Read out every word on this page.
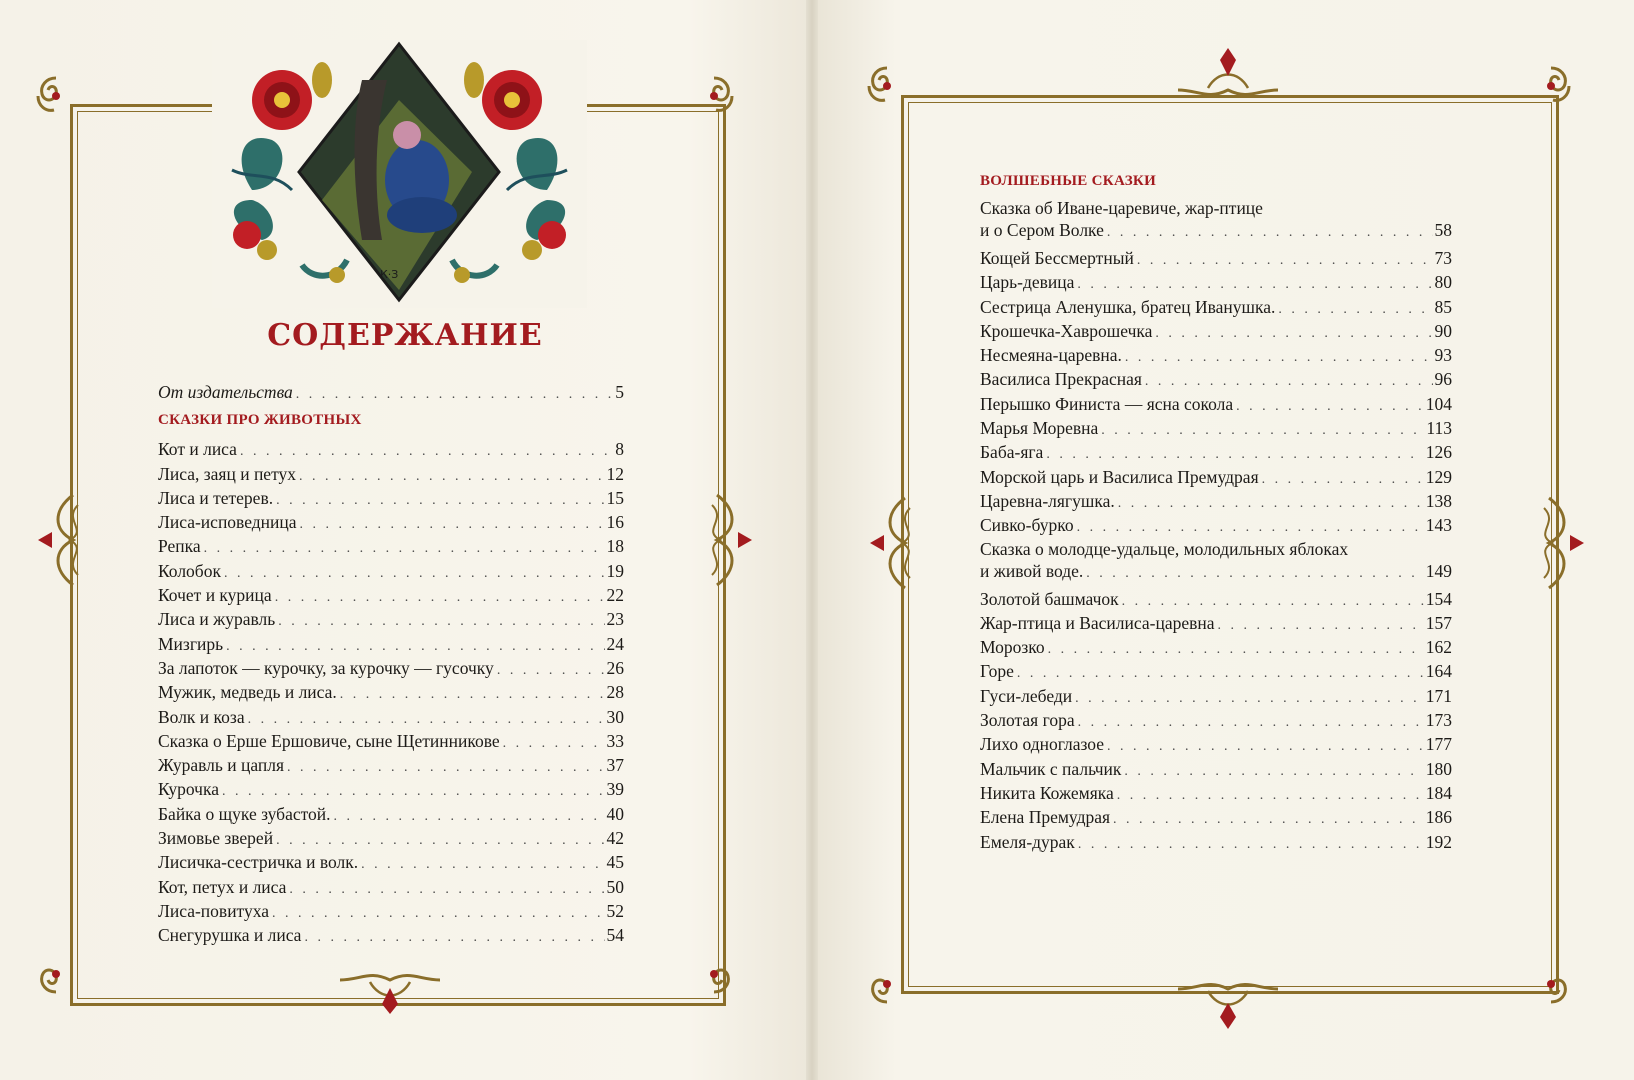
К·З
СОДЕРЖАНИЕ
От издательства . . .	5

СКАЗКИ ПРО ЖИВОТНЫХ

Кот и лиса . . .	8
Лиса, заяц и петух . . .	12
Лиса и тетерев. . . .	15
Лиса-исповедница . . .	16
Репка . . .	18
Колобок . . .	19
Кочет и курица . . .	22
Лиса и журавль . . .	23
Мизгирь . . .	24
За лапоток — курочку, за курочку — гусочку . . .	26
Мужик, медведь и лиса. . . .	28
Волк и коза . . .	30
Сказка о Ерше Ершовиче, сыне Щетинникове . . .	33
Журавль и цапля . . .	37
Курочка . . .	39
Байка о щуке зубастой. . . .	40
Зимовье зверей . . .	42
Лисичка-сестричка и волк. . . .	45
Кот, петух и лиса . . .	50
Лиса-повитуха . . .	52
Снегурушка и лиса . . .	54

ВОЛШЕБНЫЕ СКАЗКИ

Сказка об Иване-царевиче, жар-птице
и о Сером Волке . . .	58
Кощей Бессмертный . . .	73
Царь-девица . . .	80
Сестрица Аленушка, братец Иванушка. . . .	85
Крошечка-Хаврошечка . . .	90
Несмеяна-царевна. . . .	93
Василиса Прекрасная . . .	96
Перышко Финиста — ясна сокола . . .	104
Марья Моревна . . .	113
Баба-яга . . .	126
Морской царь и Василиса Премудрая . . .	129
Царевна-лягушка. . . .	138
Сивко-бурко . . .	143
Сказка о молодце-удальце, молодильных яблоках
и живой воде. . . .	149
Золотой башмачок . . .	154
Жар-птица и Василиса-царевна . . .	157
Морозко . . .	162
Горе . . .	164
Гуси-лебеди . . .	171
Золотая гора . . .	173
Лихо одноглазое . . .	177
Мальчик с пальчик . . .	180
Никита Кожемяка . . .	184
Елена Премудрая . . .	186
Емеля-дурак . . .	192
